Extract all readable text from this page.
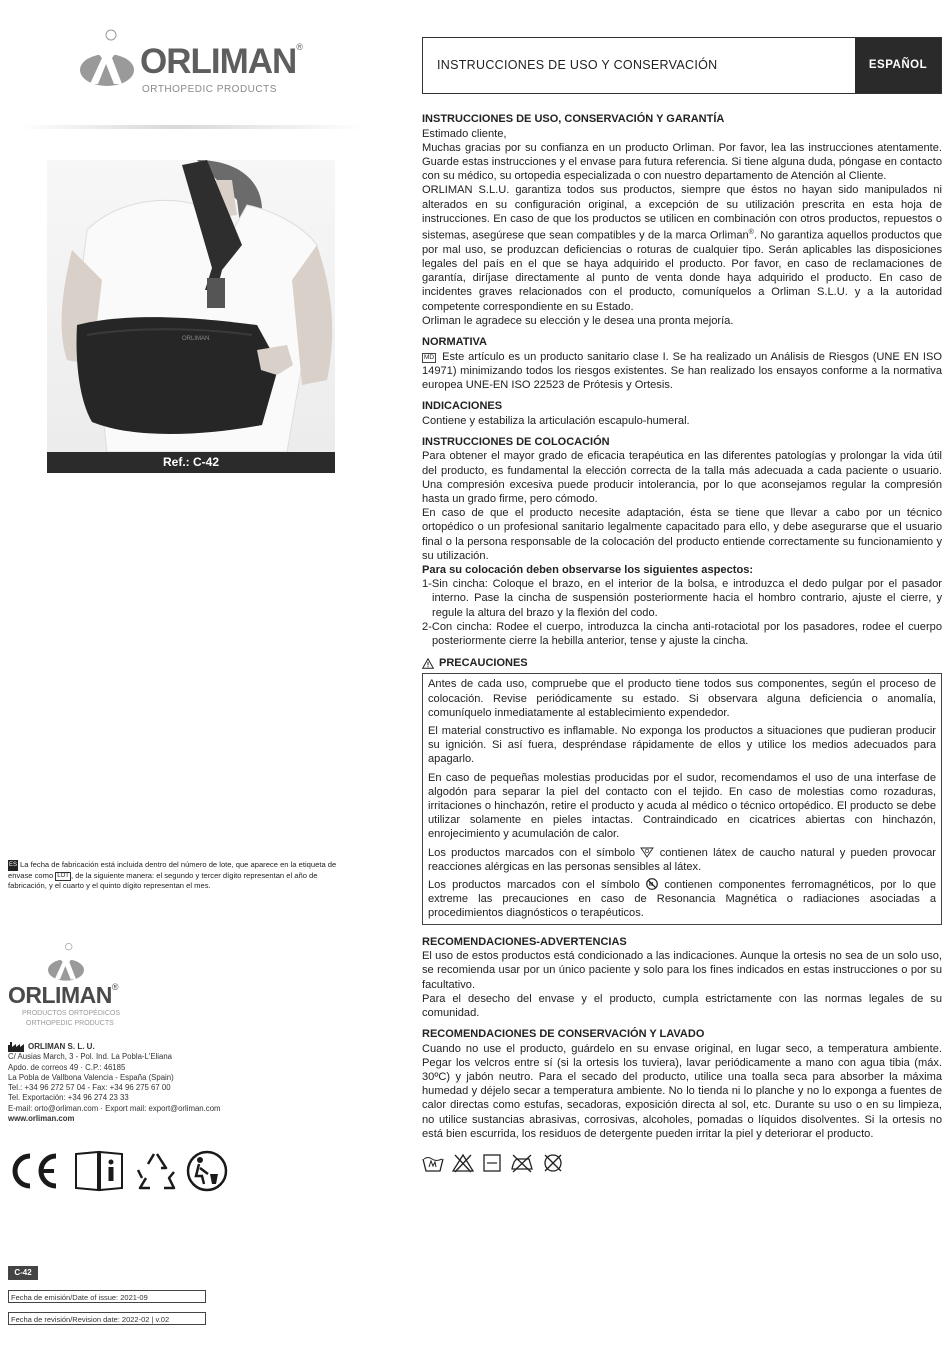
ORLIMAN®
ORTHOPEDIC PRODUCTS
ORLIMAN
Ref.: C-42
ES La fecha de fabricación está incluida dentro del número de lote, que aparece en la etiqueta de envase como LOT , de la siguiente manera: el segundo y tercer dígito representan el año de fabricación, y el cuarto y el quinto dígito representan el mes.
ORLIMAN®
PRODUCTOS ORTOPÉDICOS
ORTHOPEDIC PRODUCTS
ORLIMAN S. L. U.
C/ Ausias March, 3 - Pol. Ind. La Pobla-L'Eliana
Apdo. de correos 49 · C.P.: 46185
La Pobla de Vallbona Valencia - España (Spain)
Tel.: +34 96 272 57 04 - Fax: +34 96 275 67 00
Tel. Exportación: +34 96 274 23 33
E-mail: orto@orliman.com · Export mail: export@orliman.com
www.orliman.com
C-42
Fecha de emisión/Date of issue: 2021-09
Fecha de revisión/Revision date: 2022-02 | v.02
INSTRUCCIONES DE USO Y CONSERVACIÓN	ESPAÑOL
INSTRUCCIONES DE USO, CONSERVACIÓN Y GARANTÍA

Estimado cliente,

Muchas gracias por su confianza en un producto Orliman. Por favor, lea las instrucciones atentamente. Guarde estas instrucciones y el envase para futura referencia. Si tiene alguna duda, póngase en contacto con su médico, su ortopedia especializada o con nuestro departamento de Atención al Cliente.

ORLIMAN S.L.U. garantiza todos sus productos, siempre que éstos no hayan sido manipulados ni alterados en su configuración original, a excepción de su utilización prescrita en esta hoja de instrucciones. En caso de que los productos se utilicen en combinación con otros productos, repuestos o sistemas, asegúrese que sean compatibles y de la marca Orliman®. No garantiza aquellos productos que por mal uso, se produzcan deficiencias o roturas de cualquier tipo. Serán aplicables las disposiciones legales del país en el que se haya adquirido el producto. Por favor, en caso de reclamaciones de garantía, diríjase directamente al punto de venta donde haya adquirido el producto. En caso de incidentes graves relacionados con el producto, comuníquelos a Orliman S.L.U. y a la autoridad competente correspondiente en su Estado.

Orliman le agradece su elección y le desea una pronta mejoría.

NORMATIVA

MD Este artículo es un producto sanitario clase I. Se ha realizado un Análisis de Riesgos (UNE EN ISO 14971) minimizando todos los riesgos existentes. Se han realizado los ensayos conforme a la normativa europea UNE-EN ISO 22523 de Prótesis y Ortesis.

INDICACIONES

Contiene y estabiliza la articulación escapulo-humeral.

INSTRUCCIONES DE COLOCACIÓN

Para obtener el mayor grado de eficacia terapéutica en las diferentes patologías y prolongar la vida útil del producto, es fundamental la elección correcta de la talla más adecuada a cada paciente o usuario. Una compresión excesiva puede producir intolerancia, por lo que aconsejamos regular la compresión hasta un grado firme, pero cómodo.

En caso de que el producto necesite adaptación, ésta se tiene que llevar a cabo por un técnico ortopédico o un profesional sanitario legalmente capacitado para ello, y debe asegurarse que el usuario final o la persona responsable de la colocación del producto entiende correctamente su funcionamiento y su utilización.

Para su colocación deben observarse los siguientes aspectos:

1-Sin cincha: Coloque el brazo, en el interior de la bolsa, e introduzca el dedo pulgar por el pasador interno. Pase la cincha de suspensión posteriormente hacia el hombro contrario, ajuste el cierre, y regule la altura del brazo y la flexión del codo.

2-Con cincha: Rodee el cuerpo, introduzca la cincha anti-rotaciotal por los pasadores, rodee el cuerpo posteriormente cierre la hebilla anterior, tense y ajuste la cincha.

PRECAUCIONES

Antes de cada uso, compruebe que el producto tiene todos sus componentes, según el proceso de colocación. Revise periódicamente su estado. Si observara alguna deficiencia o anomalía, comuníquelo inmediatamente al establecimiento expendedor.

El material constructivo es inflamable. No exponga los productos a situaciones que pudieran producir su ignición. Si así fuera, despréndase rápidamente de ellos y utilice los medios adecuados para apagarlo.

En caso de pequeñas molestias producidas por el sudor, recomendamos el uso de una interfase de algodón para separar la piel del contacto con el tejido. En caso de molestias como rozaduras, irritaciones o hinchazón, retire el producto y acuda al médico o técnico ortopédico. El producto se debe utilizar solamente en pieles intactas. Contraindicado en cicatrices abiertas con hinchazón, enrojecimiento y acumulación de calor.

Los productos marcados con el símbolo contienen látex de caucho natural y pueden provocar reacciones alérgicas en las personas sensibles al látex.

Los productos marcados con el símbolo M contienen componentes ferromagnéticos, por lo que extreme las precauciones en caso de Resonancia Magnética o radiaciones asociadas a procedimientos diagnósticos o terapéuticos.

RECOMENDACIONES-ADVERTENCIAS

El uso de estos productos está condicionado a las indicaciones. Aunque la ortesis no sea de un solo uso, se recomienda usar por un único paciente y solo para los fines indicados en estas instrucciones o por su facultativo.

Para el desecho del envase y el producto, cumpla estrictamente con las normas legales de su comunidad.

RECOMENDACIONES DE CONSERVACIÓN Y LAVADO

Cuando no use el producto, guárdelo en su envase original, en lugar seco, a temperatura ambiente. Pegar los velcros entre sí (si la ortesis los tuviera), lavar periódicamente a mano con agua tibia (máx. 30ºC) y jabón neutro. Para el secado del producto, utilice una toalla seca para absorber la máxima humedad y déjelo secar a temperatura ambiente. No lo tienda ni lo planche y no lo exponga a fuentes de calor directas como estufas, secadoras, exposición directa al sol, etc. Durante su uso o en su limpieza, no utilice sustancias abrasivas, corrosivas, alcoholes, pomadas o líquidos disolventes. Si la ortesis no está bien escurrida, los residuos de detergente pueden irritar la piel y deteriorar el producto.
